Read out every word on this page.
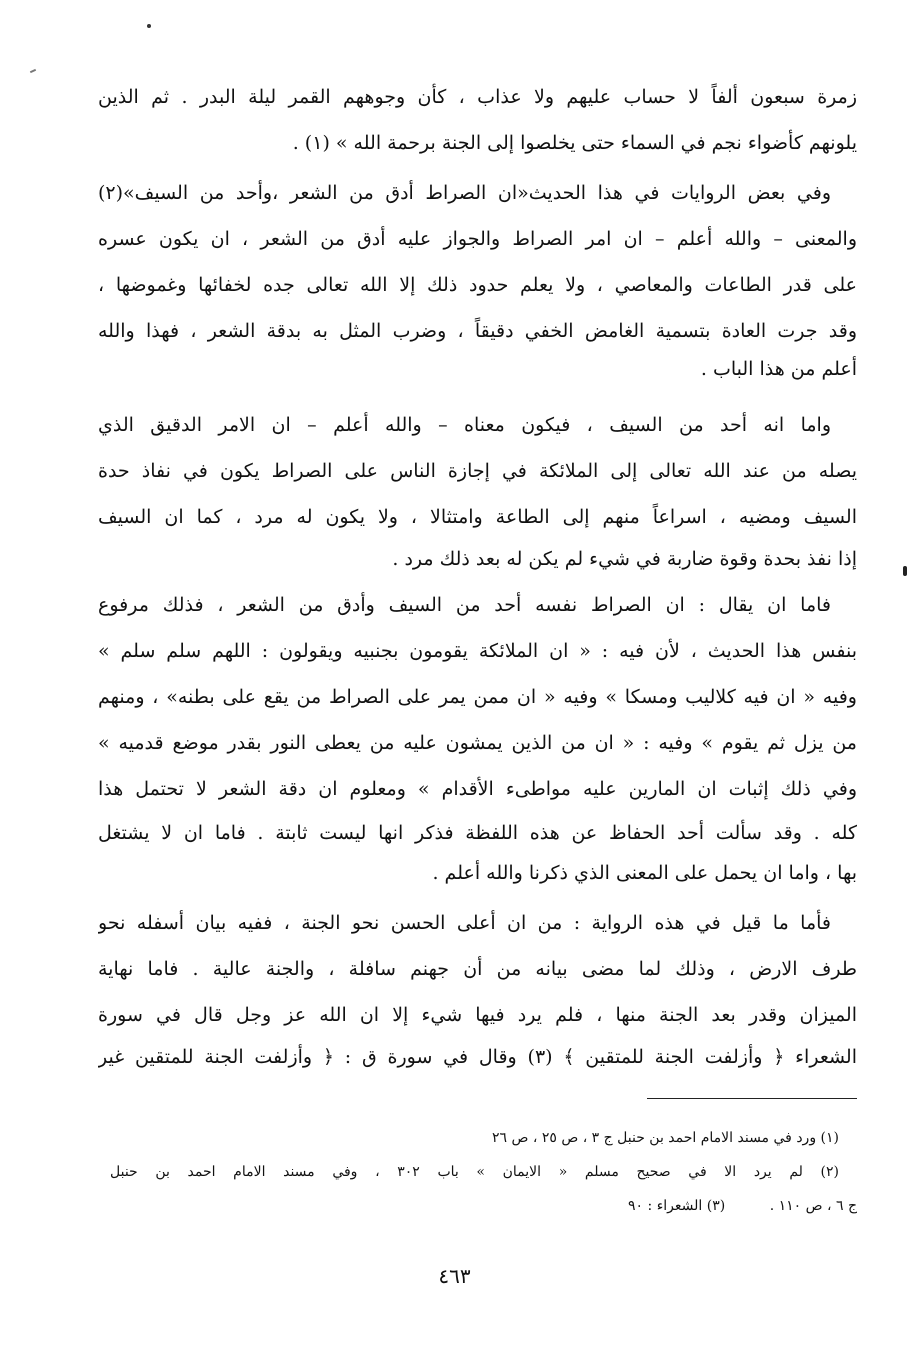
زمرة سبعون ألفاً لا حساب عليهم ولا عذاب ، كأن وجوههم القمر ليلة البدر . ثم الذين
يلونهم كأضواء نجم في السماء حتى يخلصوا إلى الجنة برحمة الله » (١) .
وفي بعض الروايات في هذا الحديث«ان الصراط أدق من الشعر ،وأحد من السيف»(٢)
والمعنى – والله أعلم – ان امر الصراط والجواز عليه أدق من الشعر ، ان يكون عسره
على قدر الطاعات والمعاصي ، ولا يعلم حدود ذلك إلا الله تعالى جده لخفائها وغموضها ،
وقد جرت العادة بتسمية الغامض الخفي دقيقاً ، وضرب المثل به بدقة الشعر ، فهذا والله
أعلم من هذا الباب .
واما انه أحد من السيف ، فيكون معناه – والله أعلم – ان الامر الدقيق الذي
يصله من عند الله تعالى إلى الملائكة في إجازة الناس على الصراط يكون في نفاذ حدة
السيف ومضيه ، اسراعاً منهم إلى الطاعة وامتثالا ، ولا يكون له مرد ، كما ان السيف
إذا نفذ بحدة وقوة ضاربة في شيء لم يكن له بعد ذلك مرد .
فاما ان يقال : ان الصراط نفسه أحد من السيف وأدق من الشعر ، فذلك مرفوع
بنفس هذا الحديث ، لأن فيه : « ان الملائكة يقومون بجنبيه ويقولون : اللهم سلم سلم »
وفيه « ان فيه كلاليب ومسكا » وفيه « ان ممن يمر على الصراط من يقع على بطنه» ، ومنهم
من يزل ثم يقوم » وفيه : « ان من الذين يمشون عليه من يعطى النور بقدر موضع قدميه »
وفي ذلك إثبات ان المارين عليه مواطىء الأقدام » ومعلوم ان دقة الشعر لا تحتمل هذا
كله . وقد سألت أحد الحفاظ عن هذه اللفظة فذكر انها ليست ثابتة . فاما ان لا يشتغل
بها ، واما ان يحمل على المعنى الذي ذكرنا والله أعلم .
فأما ما قيل في هذه الرواية : من ان أعلى الحسن نحو الجنة ، ففيه بيان أسفله نحو
طرف الارض ، وذلك لما مضى بيانه من أن جهنم سافلة ، والجنة عالية . فاما نهاية
الميزان وقدر بعد الجنة منها ، فلم يرد فيها شيء إلا ان الله عز وجل قال في سورة
الشعراء ﴿ وأزلفت الجنة للمتقين ﴾ (٣) وقال في سورة ق : ﴿ وأزلفت الجنة للمتقين غير
(١) ورد في مسند الامام احمد بن حنبل ج ٣ ، ص ٢٥ ، ص ٢٦
(٢) لم يرد الا في صحيح مسلم « الايمان » باب ٣٠٢ ، وفي مسند الامام احمد بن حنبل
ج ٦ ، ص ١١٠ .          (٣) الشعراء : ٩٠
٤٦٣
